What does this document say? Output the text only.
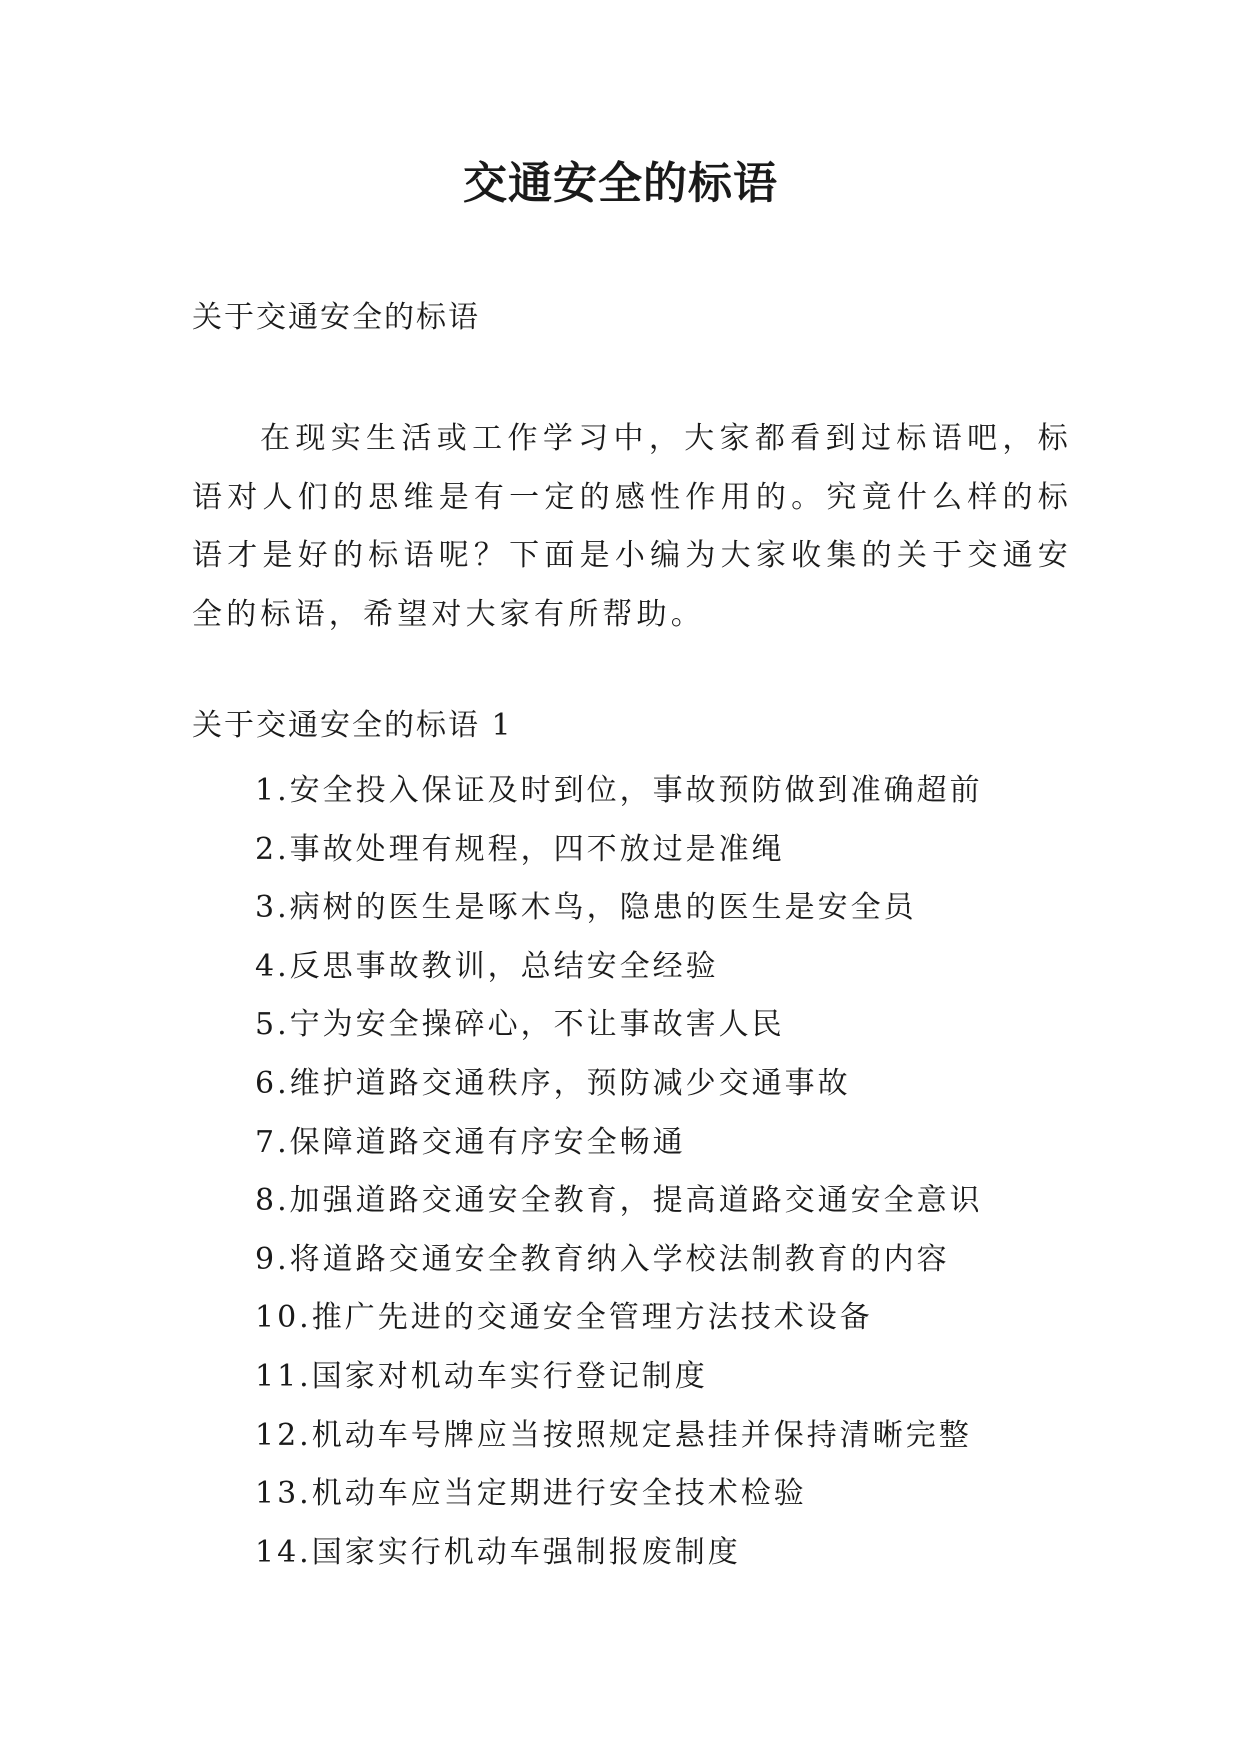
交通安全的标语

关于交通安全的标语

在现实生活或工作学习中，大家都看到过标语吧，标语对人们的思维是有一定的感性作用的。究竟什么样的标语才是好的标语呢？下面是小编为大家收集的关于交通安全的标语，希望对大家有所帮助。

关于交通安全的标语 1

1.安全投入保证及时到位，事故预防做到准确超前
2.事故处理有规程，四不放过是准绳
3.病树的医生是啄木鸟，隐患的医生是安全员
4.反思事故教训，总结安全经验
5.宁为安全操碎心，不让事故害人民
6.维护道路交通秩序，预防减少交通事故
7.保障道路交通有序安全畅通
8.加强道路交通安全教育，提高道路交通安全意识
9.将道路交通安全教育纳入学校法制教育的内容
10.推广先进的交通安全管理方法技术设备
11.国家对机动车实行登记制度
12.机动车号牌应当按照规定悬挂并保持清晰完整
13.机动车应当定期进行安全技术检验
14.国家实行机动车强制报废制度
